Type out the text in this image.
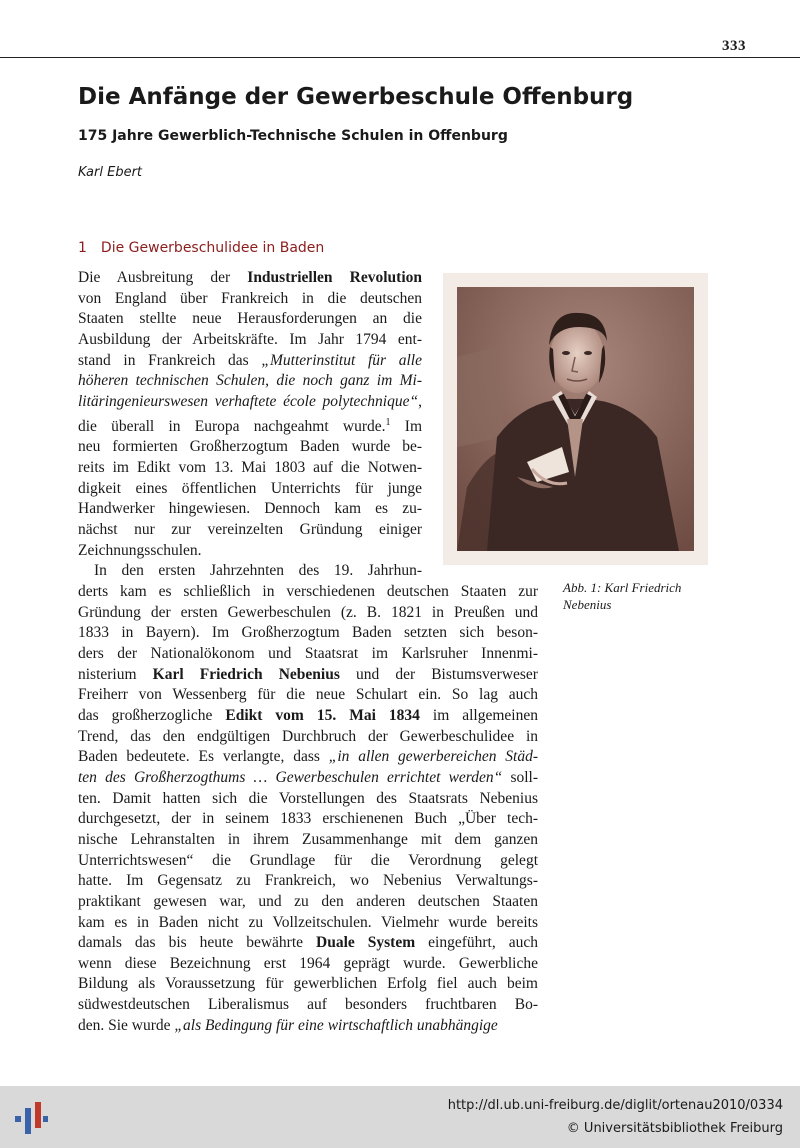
333
Die Anfänge der Gewerbeschule Offenburg
175 Jahre Gewerblich-Technische Schulen in Offenburg
Karl Ebert
1 Die Gewerbeschulidee in Baden

Die Ausbreitung der Industriellen Revolution
von England über Frankreich in die deutschen
Staaten stellte neue Herausforderungen an die
Ausbildung der Arbeitskräfte. Im Jahr 1794 ent-
stand in Frankreich das „Mutterinstitut für alle
höheren technischen Schulen, die noch ganz im Mi-
litäringenieurswesen verhaftete école polytechnique“,
die überall in Europa nachgeahmt wurde.$^1$ Im
neu formierten Großherzogtum Baden wurde be-
reits im Edikt vom 13. Mai 1803 auf die Notwen-
digkeit eines öffentlichen Unterrichts für junge
Handwerker hingewiesen. Dennoch kam es zu-
nächst nur zur vereinzelten Gründung einiger
Zeichnungsschulen.

In den ersten Jahrzehnten des 19. Jahrhun-
derts kam es schließlich in verschiedenen deutschen Staaten zur
Gründung der ersten Gewerbeschulen (z. B. 1821 in Preußen und
1833 in Bayern). Im Großherzogtum Baden setzten sich beson-
ders der Nationalökonom und Staatsrat im Karlsruher Innenmi-
nisterium Karl Friedrich Nebenius und der Bistumsverweser
Freiherr von Wessenberg für die neue Schulart ein. So lag auch
das großherzogliche Edikt vom 15. Mai 1834 im allgemeinen
Trend, das den endgültigen Durchbruch der Gewerbeschulidee in
Baden bedeutete. Es verlangte, dass „in allen gewerbereichen Städ-
ten des Großherzogthums … Gewerbeschulen errichtet werden“ soll-
ten. Damit hatten sich die Vorstellungen des Staatsrats Nebenius
durchgesetzt, der in seinem 1833 erschienenen Buch „Über tech-
nische Lehranstalten in ihrem Zusammenhange mit dem ganzen
Unterrichtswesen“ die Grundlage für die Verordnung gelegt
hatte. Im Gegensatz zu Frankreich, wo Nebenius Verwaltungs-
praktikant gewesen war, und zu den anderen deutschen Staaten
kam es in Baden nicht zu Vollzeitschulen. Vielmehr wurde bereits
damals das bis heute bewährte Duale System eingeführt, auch
wenn diese Bezeichnung erst 1964 geprägt wurde. Gewerbliche
Bildung als Voraussetzung für gewerblichen Erfolg fiel auch beim
südwestdeutschen Liberalismus auf besonders fruchtbaren Bo-
den. Sie wurde „als Bedingung für eine wirtschaftlich unabhängige

Abb. 1: Karl Friedrich Nebenius
http://dl.ub.uni-freiburg.de/diglit/ortenau2010/0334
© Universitätsbibliothek Freiburg
